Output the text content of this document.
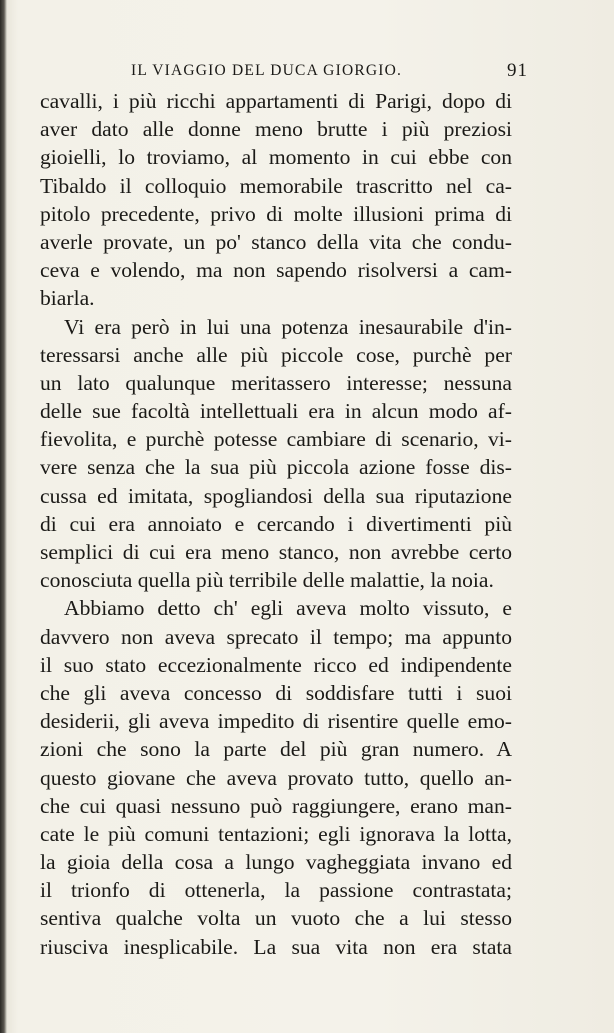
IL VIAGGIO DEL DUCA GIORGIO.	91
cavalli, i più ricchi appartamenti di Parigi, dopo di
aver dato alle donne meno brutte i più preziosi
gioielli, lo troviamo, al momento in cui ebbe con
Tibaldo il colloquio memorabile trascritto nel ca-
pitolo precedente, privo di molte illusioni prima di
averle provate, un po' stanco della vita che condu-
ceva e volendo, ma non sapendo risolversi a cam-
biarla.
Vi era però in lui una potenza inesaurabile d'in-
teressarsi anche alle più piccole cose, purchè per
un lato qualunque meritassero interesse; nessuna
delle sue facoltà intellettuali era in alcun modo af-
fievolita, e purchè potesse cambiare di scenario, vi-
vere senza che la sua più piccola azione fosse dis-
cussa ed imitata, spogliandosi della sua riputazione
di cui era annoiato e cercando i divertimenti più
semplici di cui era meno stanco, non avrebbe certo
conosciuta quella più terribile delle malattie, la noia.
Abbiamo detto ch' egli aveva molto vissuto, e
davvero non aveva sprecato il tempo; ma appunto
il suo stato eccezionalmente ricco ed indipendente
che gli aveva concesso di soddisfare tutti i suoi
desiderii, gli aveva impedito di risentire quelle emo-
zioni che sono la parte del più gran numero. A
questo giovane che aveva provato tutto, quello an-
che cui quasi nessuno può raggiungere, erano man-
cate le più comuni tentazioni; egli ignorava la lotta,
la gioia della cosa a lungo vagheggiata invano ed
il trionfo di ottenerla, la passione contrastata;
sentiva qualche volta un vuoto che a lui stesso
riusciva inesplicabile. La sua vita non era stata
